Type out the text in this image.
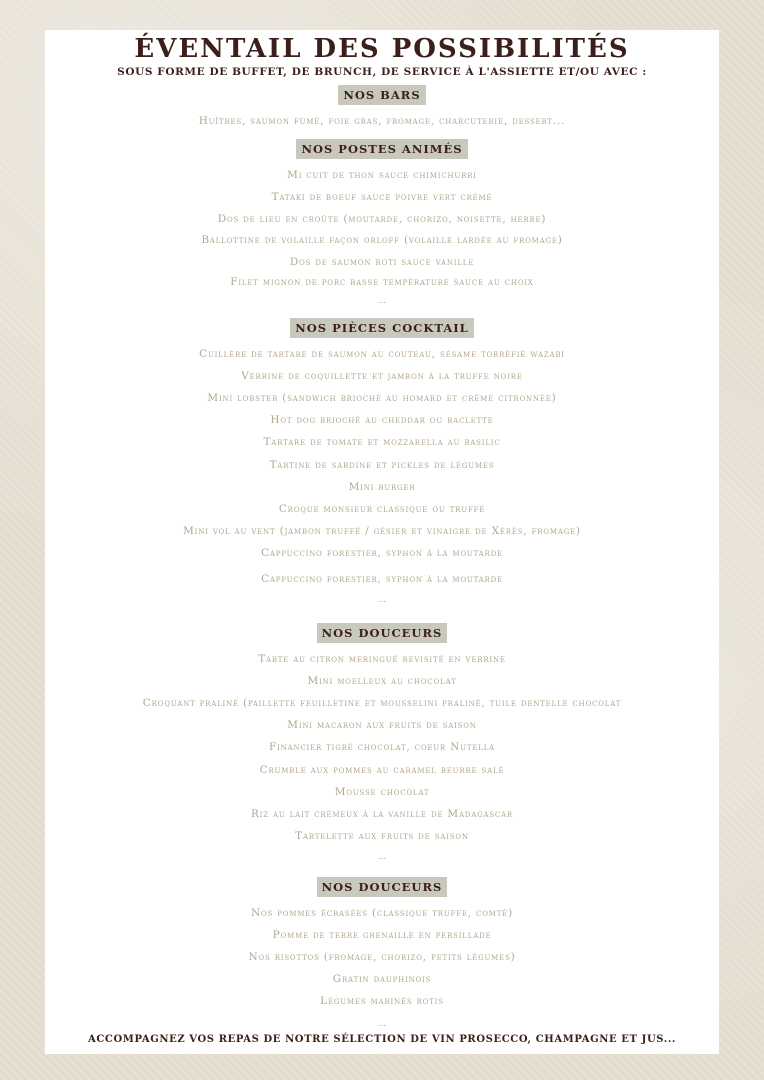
ÉVENTAIL DES POSSIBILITÉS
SOUS FORME DE BUFFET, DE BRUNCH, DE SERVICE À L'ASSIETTE ET/OU AVEC :
NOS BARS
Huîtres, saumon fumé, foie gras, fromage, charcuterie, dessert...
NOS POSTES ANIMÉS
Mi cuit de thon sauce chimichurri
Tataki de boeuf sauce poivre vert crémé
Dos de lieu en croûte (moutarde, chorizo, noisette, herbe)
Ballottine de volaille façon orloff (volaille lardée au fromage)
Dos de saumon roti sauce vanille
Filet mignon de porc basse température sauce au choix
...
NOS PIÈCES COCKTAIL
Cuillère de tartare de saumon au couteau, sésame torréfié wazabi
Verrine de coquillette et jambon à la truffe noire
Mini lobster (sandwich brioché au homard et crème citronnée)
Hot dog brioché au cheddar ou raclette
Tartare de tomate et mozzarella au basilic
Tartine de sardine et pickles de légumes
Mini burger
Croque monsieur classique ou truffé
Mini vol au vent (jambon truffé / gésier et vinaigre de Xérès, fromage)
Cappuccino forestier, syphon à la moutarde
Cappuccino forestier, syphon à la moutarde
...
NOS DOUCEURS
Tarte au citron meringué revisité en verrine
Mini moelleux au chocolat
Croquant praliné (paillette feuilletine et mousselini praliné, tuile dentelle chocolat
Mini macaron aux fruits de saison
Financier tigré chocolat, coeur Nutella
Crumble aux pommes au caramel beurre salé
Mousse chocolat
Riz au lait crémeux à la vanille de Madagascar
Tartelette aux fruits de saison
...
NOS DOUCEURS
Nos pommes écrasées (classique truffe, comté)
Pomme de terre grenaille en persillade
Nos risottos (fromage, chorizo, petits légumes)
Gratin dauphinois
Légumes marinés rotis
...
ACCOMPAGNEZ VOS REPAS DE NOTRE SÉLECTION DE VIN PROSECCO, CHAMPAGNE ET JUS...
